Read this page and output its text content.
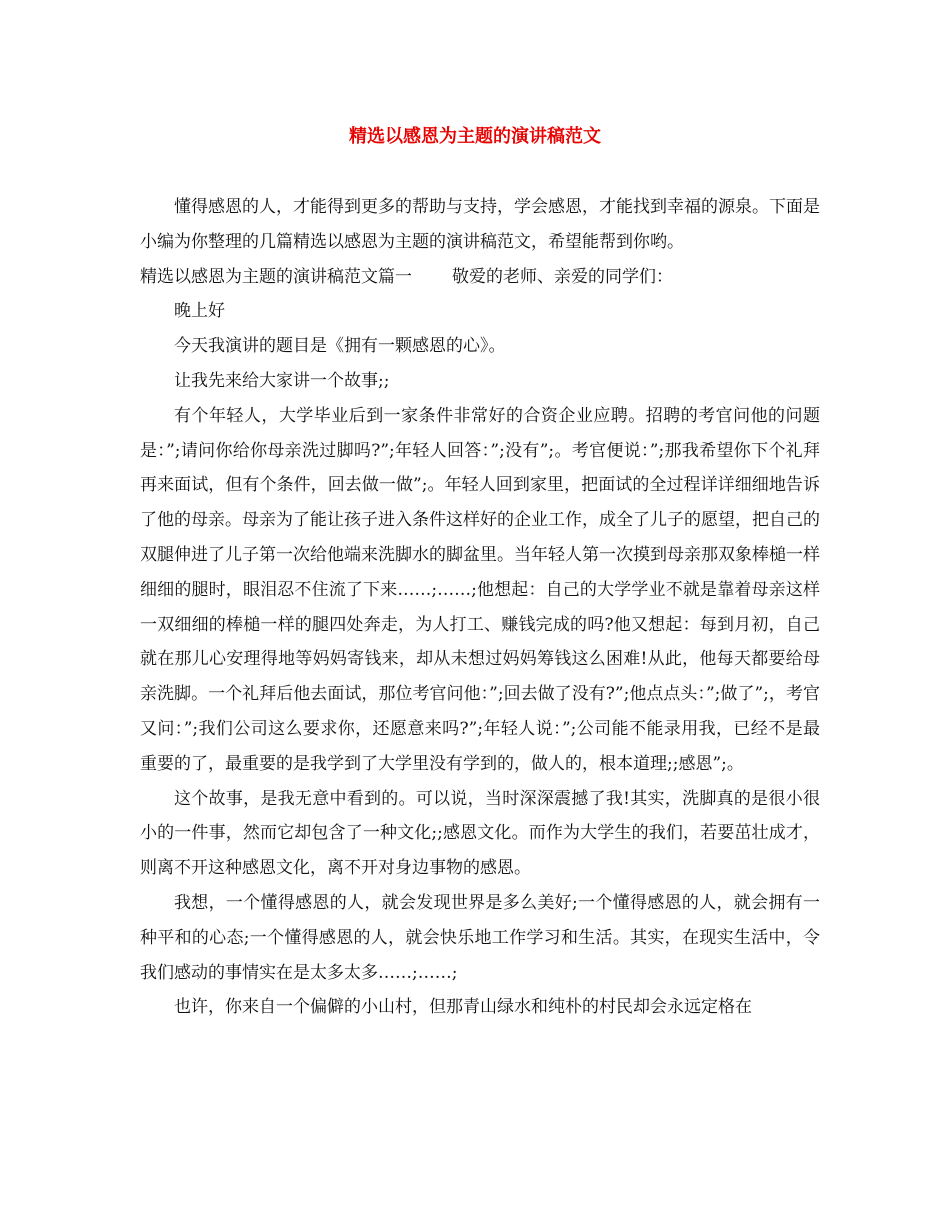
精选以感恩为主题的演讲稿范文

懂得感恩的人，才能得到更多的帮助与支持，学会感恩，才能找到幸福的源泉。下面是小编为你整理的几篇精选以感恩为主题的演讲稿范文，希望能帮到你哟。

精选以感恩为主题的演讲稿范文篇一 敬爱的老师、亲爱的同学们：

晚上好

今天我演讲的题目是《拥有一颗感恩的心》。

让我先来给大家讲一个故事;;

有个年轻人，大学毕业后到一家条件非常好的合资企业应聘。招聘的考官问他的问题是：”;请问你给你母亲洗过脚吗?”;年轻人回答：”;没有”;。考官便说：”;那我希望你下个礼拜再来面试，但有个条件，回去做一做”;。年轻人回到家里，把面试的全过程详详细细地告诉了他的母亲。母亲为了能让孩子进入条件这样好的企业工作，成全了儿子的愿望，把自己的双腿伸进了儿子第一次给他端来洗脚水的脚盆里。当年轻人第一次摸到母亲那双象棒槌一样细细的腿时，眼泪忍不住流了下来……;……;他想起：自己的大学学业不就是靠着母亲这样一双细细的棒槌一样的腿四处奔走，为人打工、赚钱完成的吗?他又想起：每到月初，自己就在那儿心安理得地等妈妈寄钱来，却从未想过妈妈筹钱这么困难!从此，他每天都要给母亲洗脚。一个礼拜后他去面试，那位考官问他：”;回去做了没有?”;他点点头：”;做了”;，考官又问：”;我们公司这么要求你，还愿意来吗?”;年轻人说：”;公司能不能录用我，已经不是最重要的了，最重要的是我学到了大学里没有学到的，做人的，根本道理;;感恩”;。

这个故事，是我无意中看到的。可以说，当时深深震撼了我!其实，洗脚真的是很小很小的一件事，然而它却包含了一种文化;;感恩文化。而作为大学生的我们，若要茁壮成才，则离不开这种感恩文化，离不开对身边事物的感恩。

我想，一个懂得感恩的人，就会发现世界是多么美好;一个懂得感恩的人，就会拥有一种平和的心态;一个懂得感恩的人，就会快乐地工作学习和生活。其实，在现实生活中，令我们感动的事情实在是太多太多……;……;

也许，你来自一个偏僻的小山村，但那青山绿水和纯朴的村民却会永远定格在
